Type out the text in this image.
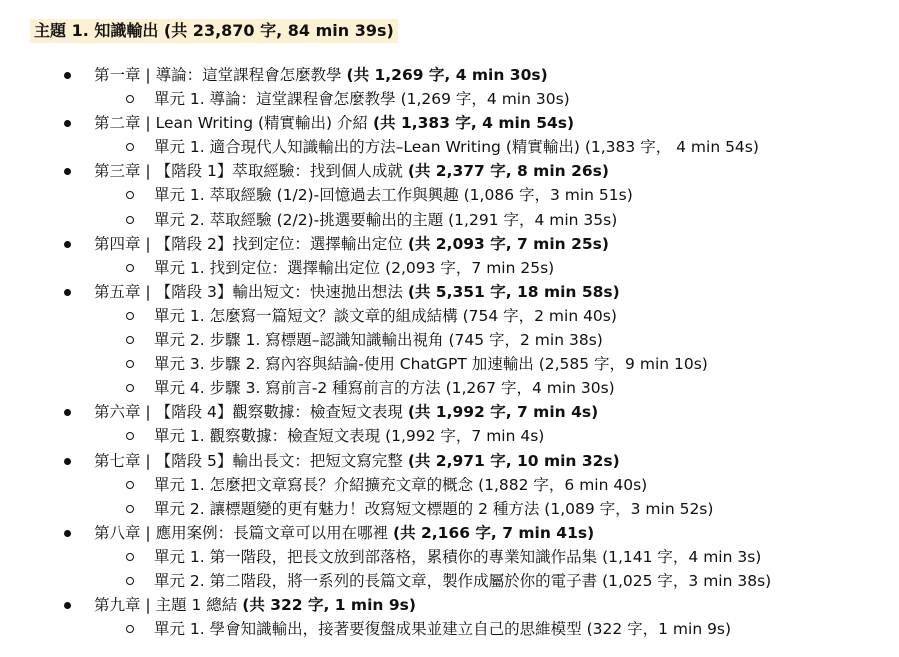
主題 1. 知識輸出 (共 23,870 字, 84 min 39s)
第一章 | 導論：這堂課程會怎麼教學 (共 1,269 字, 4 min 30s)
單元 1. 導論：這堂課程會怎麼教學 (1,269 字，4 min 30s)
第二章 | Lean Writing (精實輸出) 介紹 (共 1,383 字, 4 min 54s)
單元 1. 適合現代人知識輸出的方法–Lean Writing (精實輸出) (1,383 字， 4 min 54s)
第三章 | 【階段 1】萃取經驗：找到個人成就 (共 2,377 字, 8 min 26s)
單元 1. 萃取經驗 (1/2)-回憶過去工作與興趣 (1,086 字，3 min 51s)
單元 2. 萃取經驗 (2/2)-挑選要輸出的主題 (1,291 字，4 min 35s)
第四章 | 【階段 2】找到定位：選擇輸出定位 (共 2,093 字, 7 min 25s)
單元 1. 找到定位：選擇輸出定位 (2,093 字，7 min 25s)
第五章 | 【階段 3】輸出短文：快速拋出想法 (共 5,351 字, 18 min 58s)
單元 1. 怎麼寫一篇短文？談文章的組成結構 (754 字，2 min 40s)
單元 2. 步驟 1. 寫標題–認識知識輸出視角 (745 字，2 min 38s)
單元 3. 步驟 2. 寫內容與結論-使用 ChatGPT 加速輸出 (2,585 字，9 min 10s)
單元 4. 步驟 3. 寫前言-2 種寫前言的方法 (1,267 字，4 min 30s)
第六章 | 【階段 4】觀察數據：檢查短文表現 (共 1,992 字, 7 min 4s)
單元 1. 觀察數據：檢查短文表現 (1,992 字，7 min 4s)
第七章 | 【階段 5】輸出長文：把短文寫完整 (共 2,971 字, 10 min 32s)
單元 1. 怎麼把文章寫長？介紹擴充文章的概念 (1,882 字，6 min 40s)
單元 2. 讓標題變的更有魅力！改寫短文標題的 2 種方法 (1,089 字，3 min 52s)
第八章 | 應用案例：長篇文章可以用在哪裡 (共 2,166 字, 7 min 41s)
單元 1. 第一階段，把長文放到部落格，累積你的專業知識作品集 (1,141 字，4 min 3s)
單元 2. 第二階段，將一系列的長篇文章，製作成屬於你的電子書 (1,025 字，3 min 38s)
第九章 | 主題 1 總結 (共 322 字, 1 min 9s)
單元 1. 學會知識輸出，接著要復盤成果並建立自己的思維模型 (322 字，1 min 9s)
